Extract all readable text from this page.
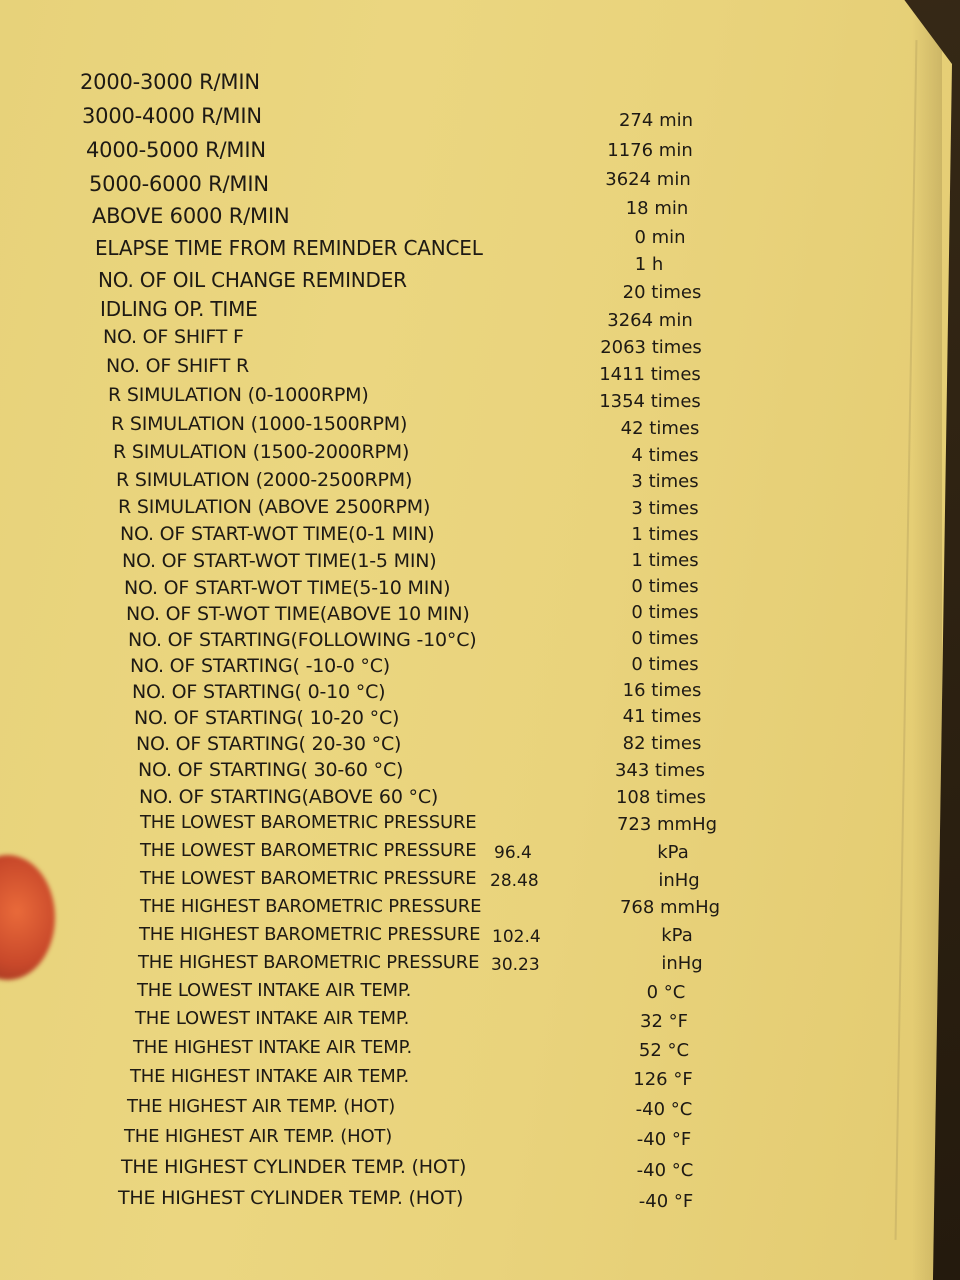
2000-3000 R/MIN
3000-4000 R/MIN
4000-5000 R/MIN
5000-6000 R/MIN
ABOVE 6000 R/MIN
ELAPSE TIME FROM REMINDER CANCEL
NO. OF OIL CHANGE REMINDER
IDLING OP. TIME
NO. OF SHIFT F
NO. OF SHIFT R
R SIMULATION (0-1000RPM)
R SIMULATION (1000-1500RPM)
R SIMULATION (1500-2000RPM)
R SIMULATION (2000-2500RPM)
R SIMULATION (ABOVE 2500RPM)
NO. OF START-WOT TIME(0-1 MIN)
NO. OF START-WOT TIME(1-5 MIN)
NO. OF START-WOT TIME(5-10 MIN)
NO. OF ST-WOT TIME(ABOVE 10 MIN)
NO. OF STARTING(FOLLOWING -10°C)
NO. OF STARTING( -10-0 °C)
NO. OF STARTING( 0-10 °C)
NO. OF STARTING( 10-20 °C)
NO. OF STARTING( 20-30 °C)
NO. OF STARTING( 30-60 °C)
NO. OF STARTING(ABOVE 60 °C)
THE LOWEST BAROMETRIC PRESSURE
THE LOWEST BAROMETRIC PRESSURE
THE LOWEST BAROMETRIC PRESSURE
THE HIGHEST BAROMETRIC PRESSURE
THE HIGHEST BAROMETRIC PRESSURE
THE HIGHEST BAROMETRIC PRESSURE
THE LOWEST INTAKE AIR TEMP.
THE LOWEST INTAKE AIR TEMP.
THE HIGHEST INTAKE AIR TEMP.
THE HIGHEST INTAKE AIR TEMP.
THE HIGHEST AIR TEMP. (HOT)
THE HIGHEST AIR TEMP. (HOT)
THE HIGHEST CYLINDER TEMP. (HOT)
THE HIGHEST CYLINDER TEMP. (HOT)
96.4
28.48
102.4
30.23
274 min
1176 min
3624 min
18 min
0 min
1 h
20 times
3264 min
2063 times
1411 times
1354 times
42 times
4 times
3 times
3 times
1 times
1 times
0 times
0 times
0 times
0 times
16 times
41 times
82 times
343 times
108 times
723 mmHg
kPa
inHg
768 mmHg
kPa
inHg
0 °C
32 °F
52 °C
126 °F
-40 °C
-40 °F
-40 °C
-40 °F
